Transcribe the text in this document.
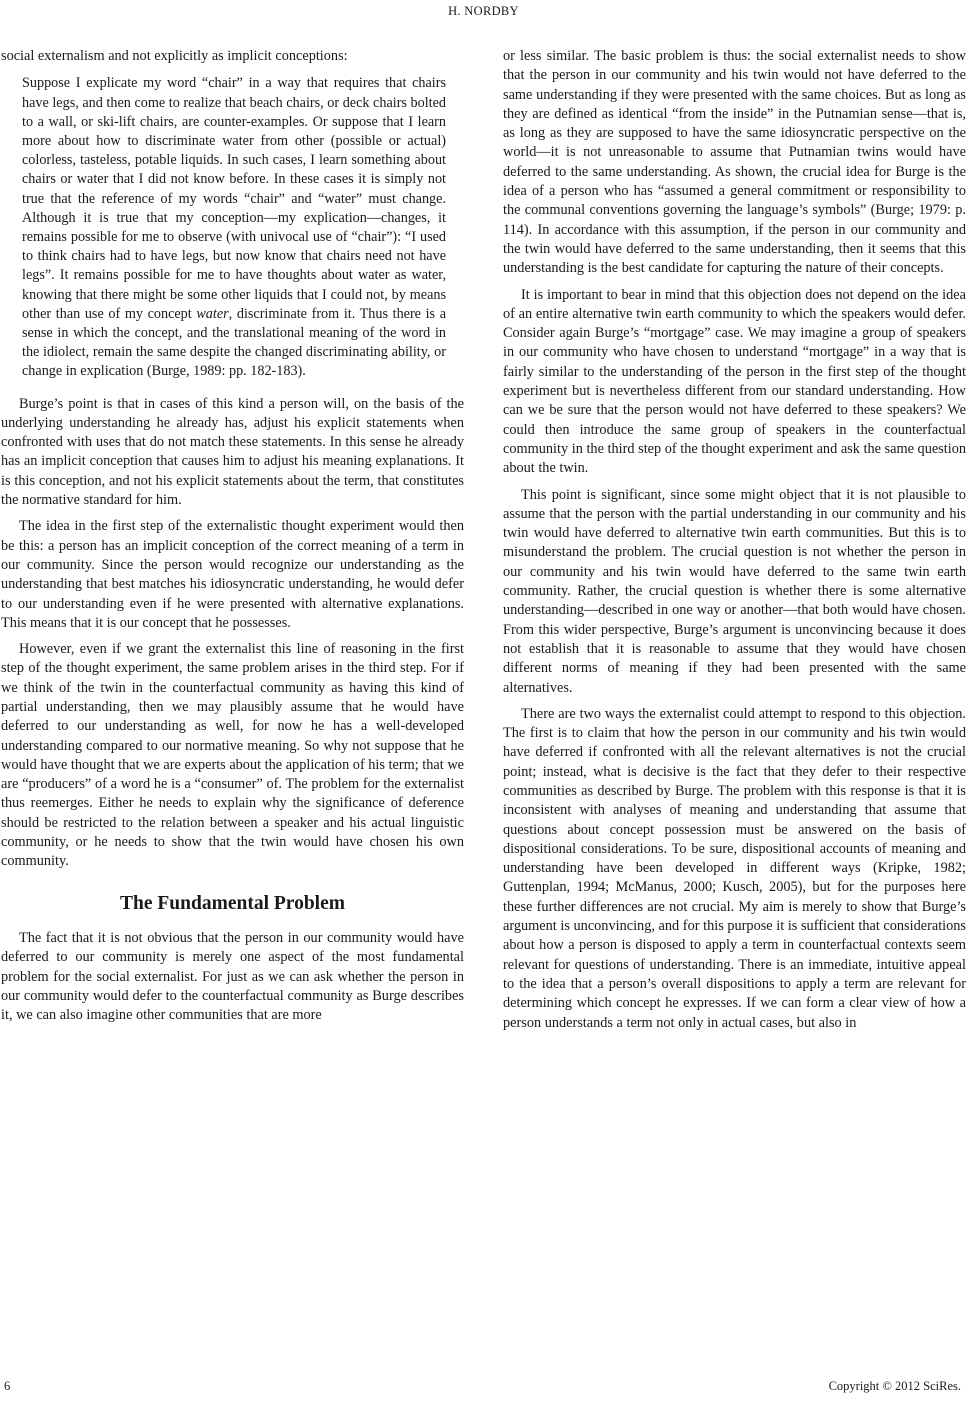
H. NORDBY

social externalism and not explicitly as implicit conceptions:

Suppose I explicate my word “chair” in a way that requires that chairs have legs, and then come to realize that beach chairs, or deck chairs bolted to a wall, or ski-lift chairs, are counter-examples. Or suppose that I learn more about how to discriminate water from other (possible or actual) colorless, tasteless, potable liquids. In such cases, I learn something about chairs or water that I did not know before. In these cases it is simply not true that the reference of my words “chair” and “water” must change. Although it is true that my conception—my explication—changes, it remains possible for me to observe (with univocal use of “chair”): “I used to think chairs had to have legs, but now know that chairs need not have legs”. It remains possible for me to have thoughts about water as water, knowing that there might be some other liquids that I could not, by means other than use of my concept water, discriminate from it. Thus there is a sense in which the concept, and the translational meaning of the word in the idiolect, remain the same despite the changed discriminating ability, or change in explication (Burge, 1989: pp. 182-183).

Burge’s point is that in cases of this kind a person will, on the basis of the underlying understanding he already has, adjust his explicit statements when confronted with uses that do not match these statements. In this sense he already has an implicit conception that causes him to adjust his meaning explanations. It is this conception, and not his explicit statements about the term, that constitutes the normative standard for him.

The idea in the first step of the externalistic thought experiment would then be this: a person has an implicit conception of the correct meaning of a term in our community. Since the person would recognize our understanding as the understanding that best matches his idiosyncratic understanding, he would defer to our understanding even if he were presented with alternative explanations. This means that it is our concept that he possesses.

However, even if we grant the externalist this line of reasoning in the first step of the thought experiment, the same problem arises in the third step. For if we think of the twin in the counterfactual community as having this kind of partial understanding, then we may plausibly assume that he would have deferred to our understanding as well, for now he has a well-developed understanding compared to our normative meaning. So why not suppose that he would have thought that we are experts about the application of his term; that we are “producers” of a word he is a “consumer” of. The problem for the externalist thus reemerges. Either he needs to explain why the significance of deference should be restricted to the relation between a speaker and his actual linguistic community, or he needs to show that the twin would have chosen his own community.

The Fundamental Problem

The fact that it is not obvious that the person in our community would have deferred to our community is merely one aspect of the most fundamental problem for the social externalist. For just as we can ask whether the person in our community would defer to the counterfactual community as Burge describes it, we can also imagine other communities that are more

or less similar. The basic problem is thus: the social externalist needs to show that the person in our community and his twin would not have deferred to the same understanding if they were presented with the same choices. But as long as they are defined as identical “from the inside” in the Putnamian sense—that is, as long as they are supposed to have the same idiosyncratic perspective on the world—it is not unreasonable to assume that Putnamian twins would have deferred to the same understanding. As shown, the crucial idea for Burge is the idea of a person who has “assumed a general commitment or responsibility to the communal conventions governing the language’s symbols” (Burge; 1979: p. 114). In accordance with this assumption, if the person in our community and the twin would have deferred to the same understanding, then it seems that this understanding is the best candidate for capturing the nature of their concepts.

It is important to bear in mind that this objection does not depend on the idea of an entire alternative twin earth community to which the speakers would defer. Consider again Burge’s “mortgage” case. We may imagine a group of speakers in our community who have chosen to understand “mortgage” in a way that is fairly similar to the understanding of the person in the first step of the thought experiment but is nevertheless different from our standard understanding. How can we be sure that the person would not have deferred to these speakers? We could then introduce the same group of speakers in the counterfactual community in the third step of the thought experiment and ask the same question about the twin.

This point is significant, since some might object that it is not plausible to assume that the person with the partial understanding in our community and his twin would have deferred to alternative twin earth communities. But this is to misunderstand the problem. The crucial question is not whether the person in our community and his twin would have deferred to the same twin earth community. Rather, the crucial question is whether there is some alternative understanding—described in one way or another—that both would have chosen. From this wider perspective, Burge’s argument is unconvincing because it does not establish that it is reasonable to assume that they would have chosen different norms of meaning if they had been presented with the same alternatives.

There are two ways the externalist could attempt to respond to this objection. The first is to claim that how the person in our community and his twin would have deferred if confronted with all the relevant alternatives is not the crucial point; instead, what is decisive is the fact that they defer to their respective communities as described by Burge. The problem with this response is that it is inconsistent with analyses of meaning and understanding that assume that questions about concept possession must be answered on the basis of dispositional considerations. To be sure, dispositional accounts of meaning and understanding have been developed in different ways (Kripke, 1982; Guttenplan, 1994; McManus, 2000; Kusch, 2005), but for the purposes here these further differences are not crucial. My aim is merely to show that Burge’s argument is unconvincing, and for this purpose it is sufficient that considerations about how a person is disposed to apply a term in counterfactual contexts seem relevant for questions of understanding. There is an immediate, intuitive appeal to the idea that a person’s overall dispositions to apply a term are relevant for determining which concept he expresses. If we can form a clear view of how a person understands a term not only in actual cases, but also in

6	Copyright © 2012 SciRes.
